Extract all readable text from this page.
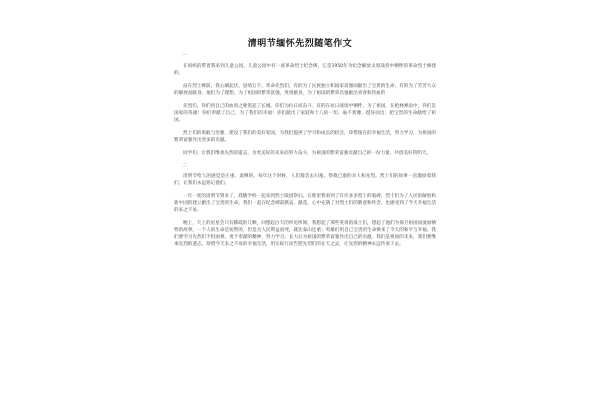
清明节缅怀先烈随笔作文
一

在妈妈的带着我来到儿童公园，儿童公园中有一座革命烈士纪念碑，它是1950年为纪念解放太原战役中牺牲的革命烈士修建的。

站在烈士碑前，我心潮起伏，思绪万千。革命先烈们，有的为了民族独立和国家富强而献出了宝贵的生命，有的为了劳苦大众的解放而献身。他们为了理想、为了祖国的繁荣富强，英勇献身，为了祖国的繁荣昌强献出青春和热血的

先烈们，你们用自己的血肉之躯筑起了长城，你们为抗日而奋斗，有的在抗日战场中牺牲，为了祖国，在枪林弹雨中，你们是国家的英雄！你们奉献了自己，为了我们的幸福！你们献出了家庭和十八的一切，毫不犹豫，挺身而出；把宝贵的生命献给了祖国。

烈士们的勇敢与坚强，建设了我们的美好家园，为我们提供了学习和成长的机会，珍惜现在的幸福生活，努力学习，为祖国的繁荣富强作出更多的贡献。

同学们，让我们继承先烈的遗志，为更美好的未来而努力奋斗，为祖国的繁荣富强贡献自己的一份力量，共创美好的明天。

二

清明节给人的感觉是庄重、肃穆的，每年这个时候，人们都会去扫墓，祭奠已逝的亲人和先烈。烈士们的故事一直激励着我们，让我们永远铭记他们。

一年一度的清明节到来了，我随学校一起来到烈士陵园祭扫。在那里我看到了许许多多烈士的墓碑，烈士们为了人民的解放和新中国的建立献出了宝贵的生命。我们一起在纪念碑前默哀、献花，心中充满了对烈士们的敬意和怀念，也感受到了今天幸福生活的来之不易。

晚上，天上的星星会只有稀疏的几颗，回想起白天的所见所闻，我想起了那些英勇的战士们，想起了他们为保卫祖国而流血牺牲的故事。一个人的生命是短暂的，但是为人民利益而死，就比泰山还重；英雄们用自己宝贵的生命换来了今天的和平与幸福。我们要学习先烈们不怕困难、勇于奉献的精神，努力学习，长大后为祖国的繁荣富强作出自己的贡献。我们是祖国的未来，我们要继承先烈的遗志，珍惜今天来之不易的幸福生活，用实际行动告慰先烈们的在天之灵，让先烈的精神永远传承下去。
